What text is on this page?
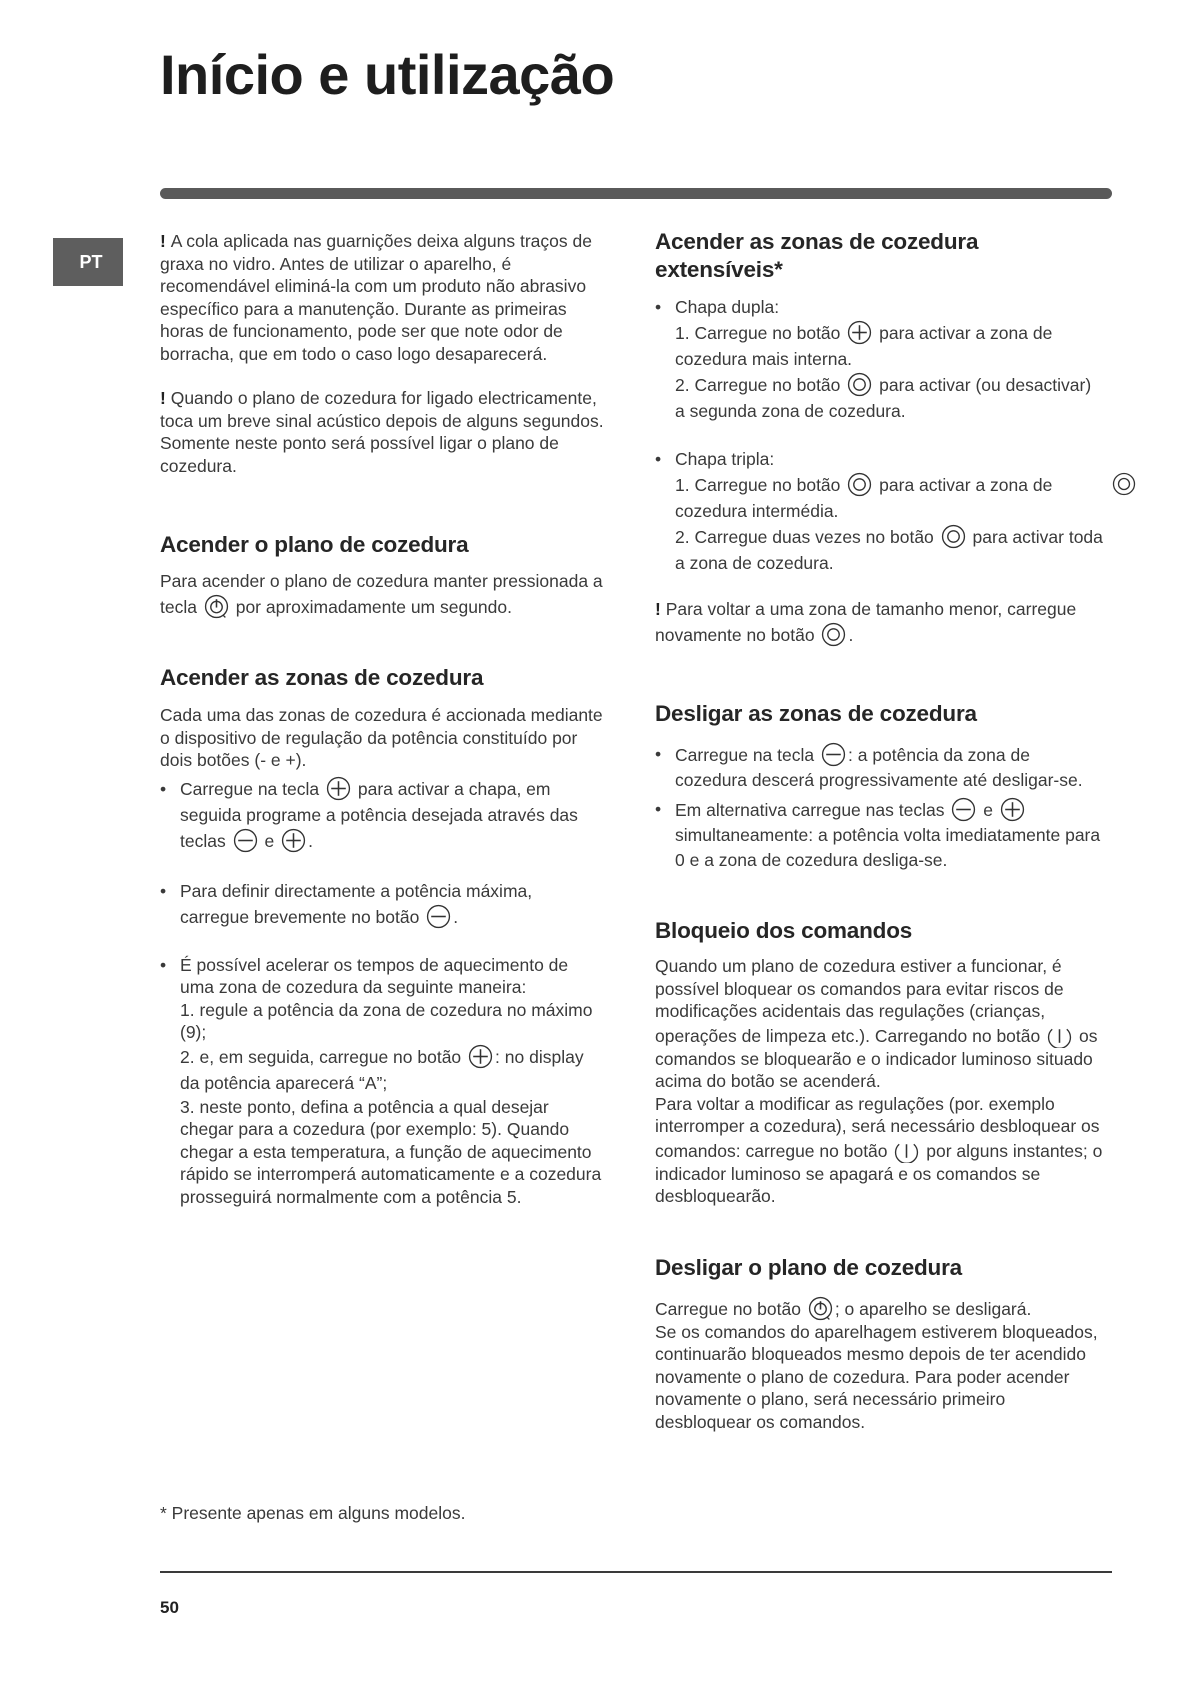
Início e utilização
PT

! A cola aplicada nas guarnições deixa alguns traços de graxa no vidro. Antes de utilizar o aparelho, é recomendável eliminá-la com um produto não abrasivo específico para a manutenção. Durante as primeiras horas de funcionamento, pode ser que note odor de borracha, que em todo o caso logo desaparecerá.

! Quando o plano de cozedura for ligado electricamente, toca um breve sinal acústico depois de alguns segundos. Somente neste ponto será possível ligar o plano de cozedura.

Acender o plano de cozedura

Para acender o plano de cozedura manter pressionada a tecla por aproximadamente um segundo.

Acender as zonas de cozedura

Cada uma das zonas de cozedura é accionada mediante o dispositivo de regulação da potência constituído por dois botões (- e +).

• Carregue na tecla para activar a chapa, em seguida programe a potência desejada através das teclas e .
• Para definir directamente a potência máxima, carregue brevemente no botão .
• É possível acelerar os tempos de aquecimento de uma zona de cozedura da seguinte maneira:
1. regule a potência da zona de cozedura no máximo (9);
2. e, em seguida, carregue no botão : no display da potência aparecerá “A”;
3. neste ponto, defina a potência a qual desejar chegar para a cozedura (por exemplo: 5). Quando chegar a esta temperatura, a função de aquecimento rápido se interromperá automaticamente e a cozedura prosseguirá normalmente com a potência 5.
* Presente apenas em alguns modelos.
Acender as zonas de cozedura extensíveis*
• Chapa dupla:
1. Carregue no botão para activar a zona de cozedura mais interna.
2. Carregue no botão para activar (ou desactivar) a segunda zona de cozedura.
• Chapa tripla:
1. Carregue no botão para activar a zona de cozedura intermédia.
2. Carregue duas vezes no botão para activar toda a zona de cozedura.

! Para voltar a uma zona de tamanho menor, carregue novamente no botão .

Desligar as zonas de cozedura
• Carregue na tecla : a potência da zona de cozedura descerá progressivamente até desligar-se.
• Em alternativa carregue nas teclas e
simultaneamente: a potência volta imediatamente para 0 e a zona de cozedura desliga-se.
Bloqueio dos comandos

Quando um plano de cozedura estiver a funcionar, é possível bloquear os comandos para evitar riscos de modificações acidentais das regulações (crianças, operações de limpeza etc.). Carregando no botão os comandos se bloquearão e o indicador luminoso situado acima do botão se acenderá.

Para voltar a modificar as regulações (por. exemplo interromper a cozedura), será necessário desbloquear os comandos: carregue no botão por alguns instantes; o indicador luminoso se apagará e os comandos se desbloquearão.

Desligar o plano de cozedura

Carregue no botão ; o aparelho se desligará.

Se os comandos do aparelhagem estiverem bloqueados, continuarão bloqueados mesmo depois de ter acendido novamente o plano de cozedura. Para poder acender novamente o plano, será necessário primeiro desbloquear os comandos.

50
